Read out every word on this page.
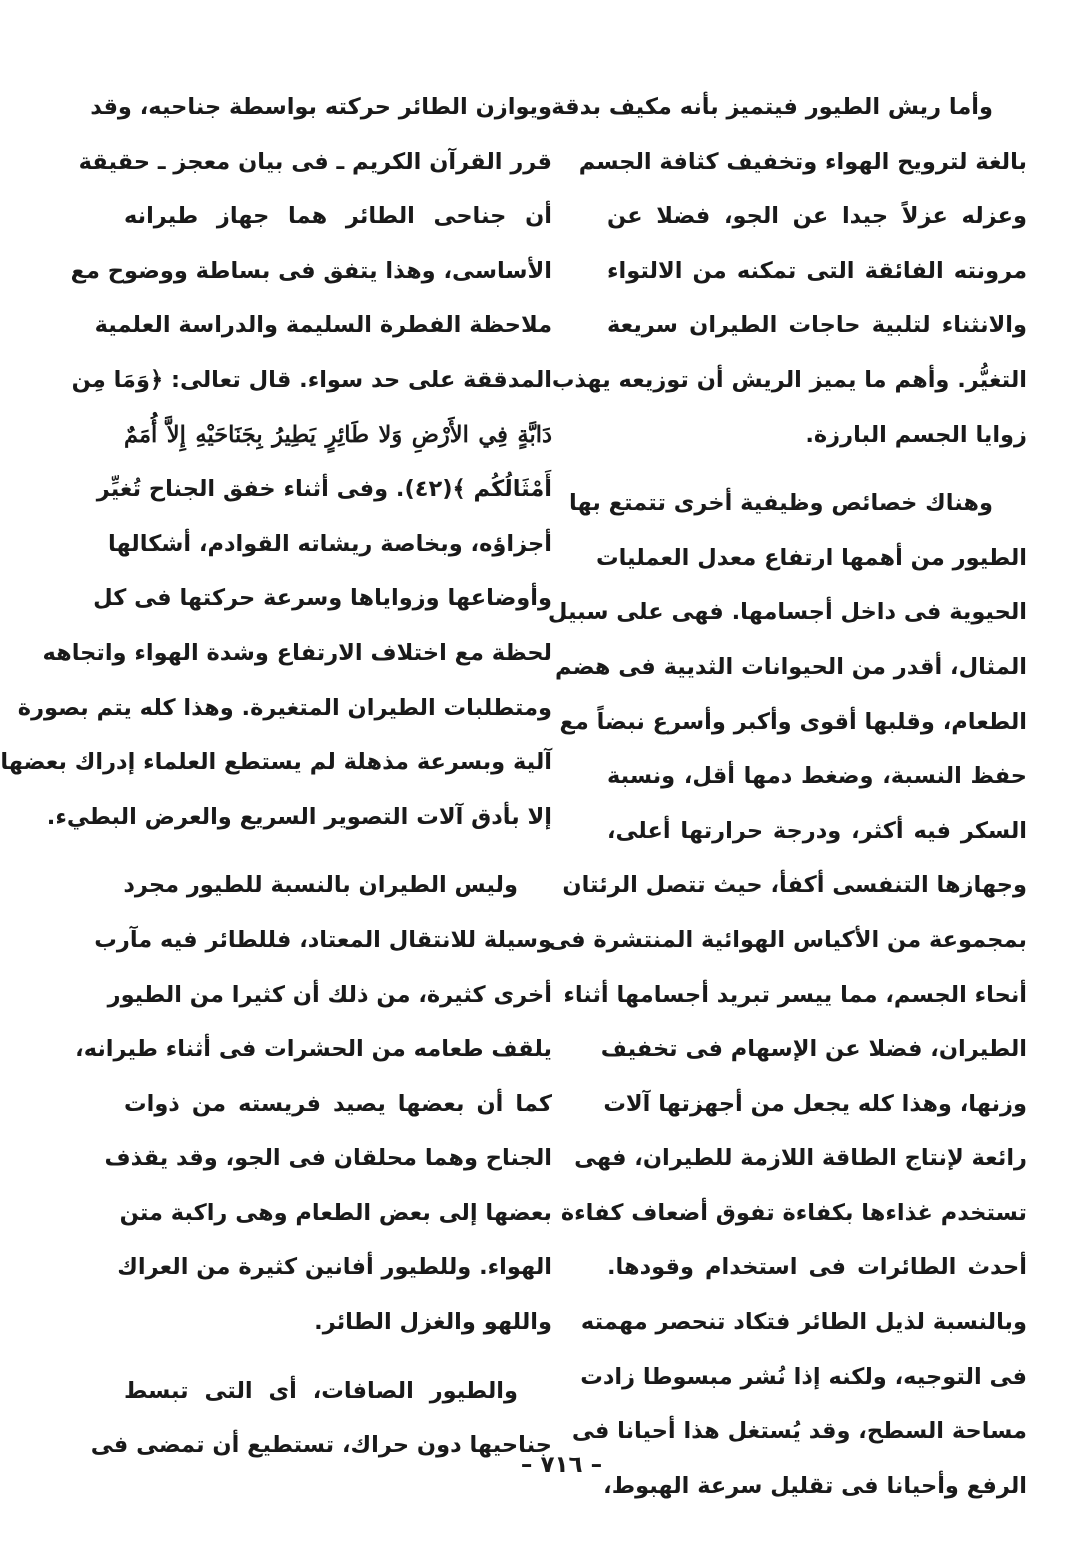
وأما ريش الطيور فيتميز بأنه مكيف بدقة
بالغة لترويح الهواء وتخفيف كثافة الجسم
وعزله عزلاً جيدا عن الجو، فضلا عن
مرونته الفائقة التى تمكنه من الالتواء
والانثناء لتلبية حاجات الطيران سريعة
التغيُّر. وأهم ما يميز الريش أن توزيعه يهذب
زوايا الجسم البارزة.
وهناك خصائص وظيفية أخرى تتمتع بها
الطيور من أهمها ارتفاع معدل العمليات
الحيوية فى داخل أجسامها. فهى على سبيل
المثال، أقدر من الحيوانات الثديية فى هضم
الطعام، وقلبها أقوى وأكبر وأسرع نبضاً مع
حفظ النسبة، وضغط دمها أقل، ونسبة
السكر فيه أكثر، ودرجة حرارتها أعلى،
وجهازها التنفسى أكفأ، حيث تتصل الرئتان
بمجموعة من الأكياس الهوائية المنتشرة فى
أنحاء الجسم، مما ييسر تبريد أجسامها أثناء
الطيران، فضلا عن الإسهام فى تخفيف
وزنها، وهذا كله يجعل من أجهزتها آلات
رائعة لإنتاج الطاقة اللازمة للطيران، فهى
تستخدم غذاءها بكفاءة تفوق أضعاف كفاءة
أحدث الطائرات فى استخدام وقودها.
وبالنسبة لذيل الطائر فتكاد تنحصر مهمته
فى التوجيه، ولكنه إذا نُشر مبسوطا زادت
مساحة السطح، وقد يُستغل هذا أحيانا فى
الرفع وأحيانا فى تقليل سرعة الهبوط،
ويوازن الطائر حركته بواسطة جناحيه، وقد
قرر القرآن الكريم ـ فى بيان معجز ـ حقيقة
أن جناحى الطائر هما جهاز طيرانه
الأساسى، وهذا يتفق فى بساطة ووضوح مع
ملاحظة الفطرة السليمة والدراسة العلمية
المدققة على حد سواء. قال تعالى: ﴿وَمَا مِن
دَابَّةٍ فِي الأَرْضِ وَلا طَائِرٍ يَطِيرُ بِجَنَاحَيْهِ إِلاَّ أُمَمٌ
أَمْثَالُكُم ﴾(٤٢). وفى أثناء خفق الجناح تُغيِّر
أجزاؤه، وبخاصة ريشاته القوادم، أشكالها
وأوضاعها وزواياها وسرعة حركتها فى كل
لحظة مع اختلاف الارتفاع وشدة الهواء واتجاهه
ومتطلبات الطيران المتغيرة. وهذا كله يتم بصورة
آلية وبسرعة مذهلة لم يستطع العلماء إدراك بعضها
إلا بأدق آلات التصوير السريع والعرض البطيء.
وليس الطيران بالنسبة للطيور مجرد
وسيلة للانتقال المعتاد، فللطائر فيه مآرب
أخرى كثيرة، من ذلك أن كثيرا من الطيور
يلقف طعامه من الحشرات فى أثناء طيرانه،
كما أن بعضها يصيد فريسته من ذوات
الجناح وهما محلقان فى الجو، وقد يقذف
بعضها إلى بعض الطعام وهى راكبة متن
الهواء. وللطيور أفانين كثيرة من العراك
واللهو والغزل الطائر.
والطيور الصافات، أى التى تبسط
جناحيها دون حراك، تستطيع أن تمضى فى
– ٧١٦ –
